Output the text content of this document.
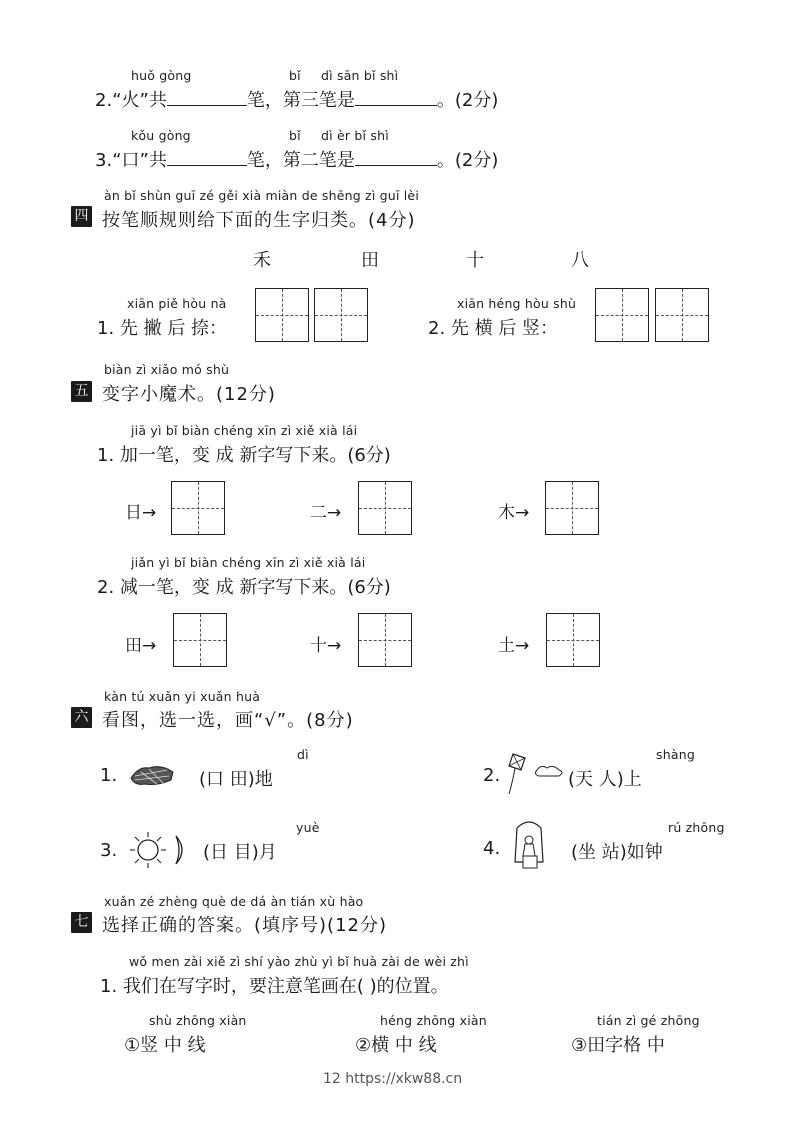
huǒ gòng	bǐ dì sān bǐ shì
2.“火”共	笔，第三笔是	。(2分)
kǒu gòng	bǐ dì èr bǐ shì
3.“口”共	笔，第二笔是	。(2分)
àn bǐ shùn guī zé gěi xià miàn de shēng zì guī lèi
四 按笔顺规则给下面的生字归类。(4分)
禾	田	十	八
xiān piě hòu nà
1. 先 撇 后 捺：
xiān héng hòu shù
2. 先 横 后 竖：
biàn zì xiǎo mó shù
五 变字小魔术。(12分)
jiā yì bǐ biàn chéng xīn zì xiě xià lái
1. 加一笔，变 成 新字写下来。(6分)
日→	二→	木→
jiǎn yì bǐ biàn chéng xīn zì xiě xià lái
2. 减一笔，变 成 新字写下来。(6分)
田→	十→	土→
kàn tú xuǎn yi xuǎn huà
六 看图，选一选，画“√”。(8分)
1.
dì
(口 田)地	2.
shàng
(天 人)上
3.
yuè
(日 目)月	4.
rú zhōng
(坐 站)如钟
xuǎn zé zhèng què de dá àn tián xù hào
七 选择正确的答案。(填序号)(12分)
wǒ men zài xiě zì shí yào zhù yì bǐ huà zài de wèi zhì
1. 我们在写字时，要注意笔画在( )的位置。
shù zhōng xiàn
①竖 中 线
héng zhōng xiàn
②横 中 线
tián zì gé zhōng
③田字格 中
12 https://xkw88.cn
